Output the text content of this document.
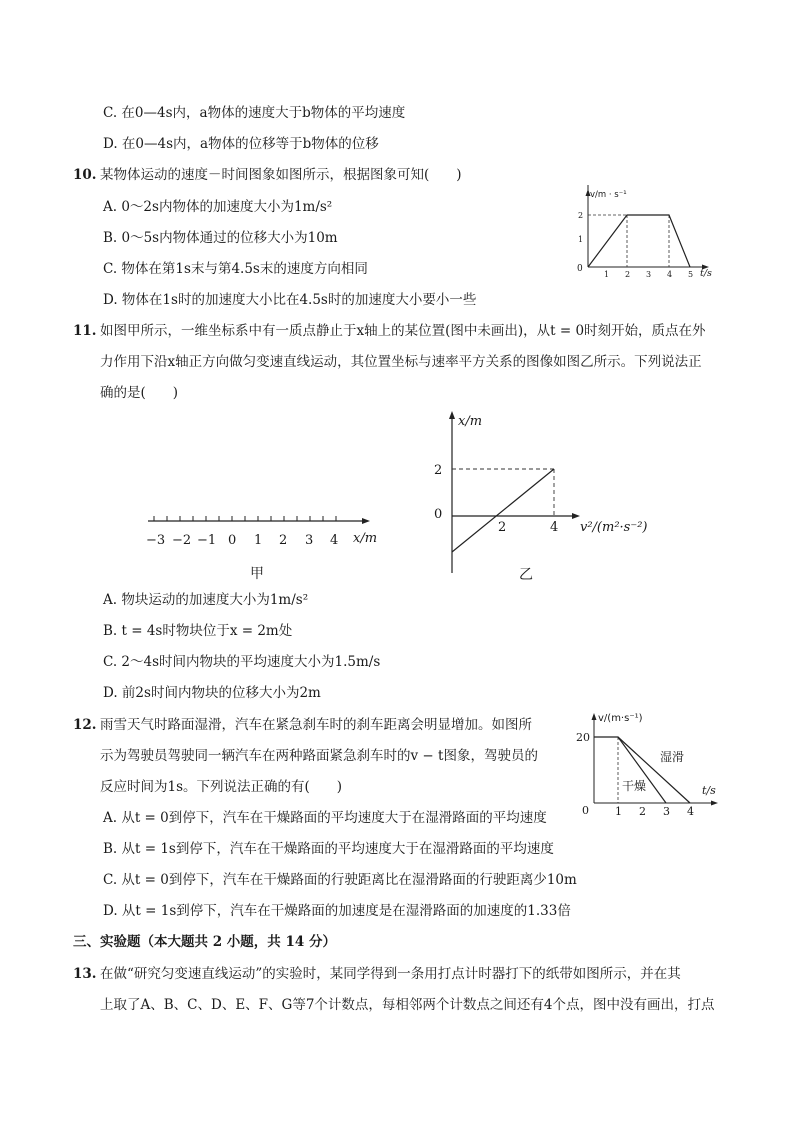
C. 在0—4s内，a物体的速度大于b物体的平均速度
D. 在0—4s内，a物体的位移等于b物体的位移
10. 某物体运动的速度－时间图象如图所示，根据图象可知(　　)
A. 0～2s内物体的加速度大小为1m/s²
B. 0～5s内物体通过的位移大小为10m
C. 物体在第1s末与第4.5s末的速度方向相同
D. 物体在1s时的加速度大小比在4.5s时的加速度大小要小一些
v/m · s⁻¹
t/s
0
1
2
1 2 3 4 5
11. 如图甲所示，一维坐标系中有一质点静止于x轴上的某位置(图中未画出)，从t = 0时刻开始，质点在外
力作用下沿x轴正方向做匀变速直线运动，其位置坐标与速率平方关系的图像如图乙所示。下列说法正
确的是(　　)
−3 −2 −1 0 1 2 3 4 x/m
甲
x/m
2
0
2	4 v²/(m²·s⁻²)
乙
A. 物块运动的加速度大小为1m/s²
B. t = 4s时物块位于x = 2m处
C. 2～4s时间内物块的平均速度大小为1.5m/s
D. 前2s时间内物块的位移大小为2m
12. 雨雪天气时路面湿滑，汽车在紧急刹车时的刹车距离会明显增加。如图所
示为驾驶员驾驶同一辆汽车在两种路面紧急刹车时的v − t图象，驾驶员的
反应时间为1s。下列说法正确的有(　　)
v/(m·s⁻¹)
t/s
20
0 1 2 3 4
湿滑
干燥
A. 从t = 0到停下，汽车在干燥路面的平均速度大于在湿滑路面的平均速度
B. 从t = 1s到停下，汽车在干燥路面的平均速度大于在湿滑路面的平均速度
C. 从t = 0到停下，汽车在干燥路面的行驶距离比在湿滑路面的行驶距离少10m
D. 从t = 1s到停下，汽车在干燥路面的加速度是在湿滑路面的加速度的1.33倍
三、实验题（本大题共 2 小题，共 14 分）
13. 在做“研究匀变速直线运动”的实验时，某同学得到一条用打点计时器打下的纸带如图所示，并在其
上取了A、B、C、D、E、F、G等7个计数点，每相邻两个计数点之间还有4个点，图中没有画出，打点
